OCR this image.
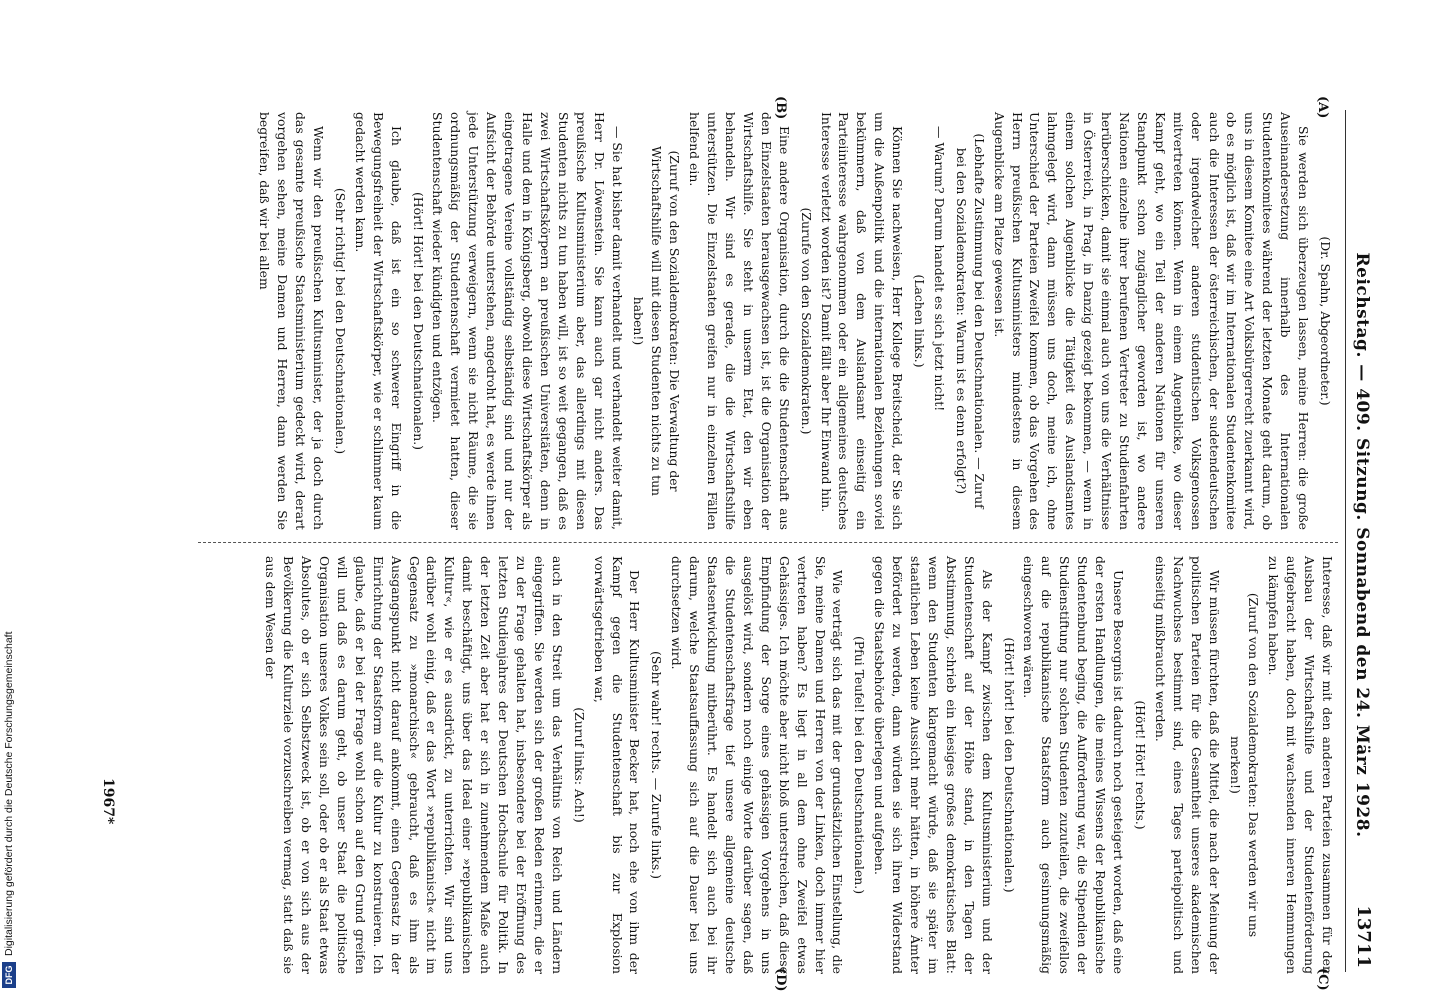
Reichstag. — 409. Sitzung. Sonnabend den 24. März 1928.
13711
(A)
(B)
(C)
(D)

(Dr. Spahn, Abgeordneter.)

Sie werden sich überzeugen lassen, meine Herren: die große Auseinandersetzung innerhalb des Internationalen Studentenkomitees während der letzten Monate geht darum, ob uns in diesem Komitee eine Art Volksbürgerrecht zuerkannt wird, ob es möglich ist, daß wir im Internationalen Studentenkomitee auch die Interessen der österreichischen, der sudetendeutschen oder irgendwelcher anderen studentischen Volksgenossen mitvertreten können. Wenn in einem Augenblicke, wo dieser Kampf geht, wo ein Teil der anderen Nationen für unseren Standpunkt schon zugänglicher geworden ist, wo andere Nationen einzelne ihrer berufenen Vertreter zu Studienfahrten herüberschicken, damit sie einmal auch von uns die Verhältnisse in Österreich, in Prag, in Danzig gezeigt bekommen, — wenn in einem solchen Augenblicke die Tätigkeit des Auslandsamtes lahmgelegt wird, dann müssen uns doch, meine ich, ohne Unterschied der Parteien Zweifel kommen, ob das Vorgehen des Herrn preußischen Kultusministers mindestens in diesem Augenblicke am Platze gewesen ist.

(Lebhafte Zustimmung bei den Deutschnationalen. — Zuruf bei den Sozialdemokraten: Warum ist es denn erfolgt?)

— Warum? Darum handelt es sich jetzt nicht!

(Lachen links.)

Können Sie nachweisen, Herr Kollege Breitscheid, der Sie sich um die Außenpolitik und die internationalen Beziehungen soviel bekümmern, daß von dem Auslandsamt einseitig ein Parteiinteresse wahrgenommen oder ein allgemeines deutsches Interesse verletzt worden ist? Damit fällt aber Ihr Einwand hin.

(Zurufe von den Sozialdemokraten.)

Eine andere Organisation, durch die die Studentenschaft aus den Einzelstaaten herausgewachsen ist, ist die Organisation der Wirtschaftshilfe. Sie steht in unserm Etat, den wir eben behandeln. Wir sind es gerade, die die Wirtschaftshilfe unterstützen. Die Einzelstaaten greifen nur in einzelnen Fällen helfend ein.

(Zuruf von den Sozialdemokraten: Die Verwaltung der Wirtschaftshilfe will mit diesen Studenten nichts zu tun haben!)

— Sie hat bisher damit verhandelt und verhandelt weiter damit, Herr Dr. Löwenstein. Sie kann auch gar nicht anders. Das preußische Kultusministerium aber, das allerdings mit diesen Studenten nichts zu tun haben will, ist so weit gegangen, daß es zwei Wirtschaftskörpern an preußischen Universitäten, denn in Halle und dem in Königsberg, obwohl diese Wirtschaftskörper als eingetragene Vereine vollständig selbständig sind und nur der Aufsicht der Behörde unterstehen, angedroht hat, es werde ihnen jede Unterstützung verweigern, wenn sie nicht Räume, die sie ordnungsmäßig der Studentenschaft vermietet hatten, dieser Studentenschaft wieder kündigten und entzögen.

(Hört! Hört! bei den Deutschnationalen.)

Ich glaube, daß ist ein so schwerer Eingriff in die Bewegungsfreiheit der Wirtschaftskörper, wie er schlimmer kaum gedacht werden kann.

(Sehr richtig! bei den Deutschnationalen.)

Wenn wir den preußischen Kultusminister, der ja doch durch das gesamte preußische Staatsministerium gedeckt wird, derart vorgehen sehen, meine Damen und Herren, dann werden Sie begreifen, daß wir bei allem

Interesse, daß wir mit den anderen Parteien zusammen für den Ausbau der Wirtschaftshilfe und der Studentenförderung aufgebracht haben, doch mit wachsenden inneren Hemmungen zu kämpfen haben.

(Zuruf von den Sozialdemokraten: Das werden wir uns merken!)

Wir müssen fürchten, daß die Mittel, die nach der Meinung der politischen Parteien für die Gesamtheit unseres akademischen Nachwuchses bestimmt sind, eines Tages parteipolitisch und einseitig mißbraucht werden.

(Hört! Hört! rechts.)

Unsere Besorgnis ist dadurch noch gesteigert worden, daß eine der ersten Handlungen, die meines Wissens der Republikanische Studentenbund beging, die Aufforderung war, die Stipendien der Studienstiftung nur solchen Studenten zuzuteilen, die zweifellos auf die republikanische Staatsform auch gesinnungsmäßig eingeschworen wären.

(Hört! hört! bei den Deutschnationalen.)

Als der Kampf zwischen dem Kultusministerium und der Studentenschaft auf der Höhe stand, in den Tagen der Abstimmung, schrieb ein hiesiges großes demokratisches Blatt: wenn den Studenten klargemacht würde, daß sie später im staatlichen Leben keine Aussicht mehr hätten, in höhere Ämter befördert zu werden, dann würden sie sich ihren Widerstand gegen die Staatsbehörde überlegen und aufgeben.

(Pfui Teufel! bei den Deutschnationalen.)

Wie verträgt sich das mit der grundsätzlichen Einstellung, die Sie, meine Damen und Herren von der Linken, doch immer hier vertreten haben? Es liegt in all dem ohne Zweifel etwas Gehässiges. Ich möchte aber nicht bloß unterstreichen, daß diese Empfindung der Sorge eines gehässigen Vorgehens in uns ausgelöst wird, sondern noch einige Worte darüber sagen, daß die Studentenschaftsfrage tief unsere allgemeine deutsche Staatsentwicklung mitberührt. Es handelt sich auch bei ihr darum, welche Staatsauffassung sich auf die Dauer bei uns durchsetzen wird.

(Sehr wahr! rechts. — Zurufe links.)

Der Herr Kultusminister Becker hat, noch ehe von ihm der Kampf gegen die Studentenschaft bis zur Explosion vorwärtsgetrieben war,

(Zuruf links: Ach!)

auch in den Streit um das Verhältnis von Reich und Ländern eingegriffen. Sie werden sich der großen Reden erinnern, die er zu der Frage gehalten hat, insbesondere bei der Eröffnung des letzten Studienjahres der Deutschen Hochschule für Politik. In der letzten Zeit aber hat er sich in zunehmendem Maße auch damit beschäftigt, uns über das Ideal einer »republikanischen Kultur«, wie er es ausdrückt, zu unterrichten. Wir sind uns darüber wohl einig, daß er das Wort »republikanisch« nicht im Gegensatz zu »monarchisch« gebraucht, daß es ihm als Ausgangspunkt nicht darauf ankommt, einen Gegensatz in der Einrichtung der Staatsform auf die Kultur zu konstruieren. Ich glaube, daß er bei der Frage wohl schon auf den Grund greifen will und daß es darum geht, ob unser Staat die politische Organisation unseres Volkes sein soll, oder ob er als Staat etwas Absolutes, ob er sich Selbstzweck ist, ob er von sich aus der Bevölkerung die Kulturziele vorzuschreiben vermag, statt daß sie aus dem Wesen der

1967*
DFG
Digitalisierung gefördert durch die Deutsche Forschungsgemeinschaft
